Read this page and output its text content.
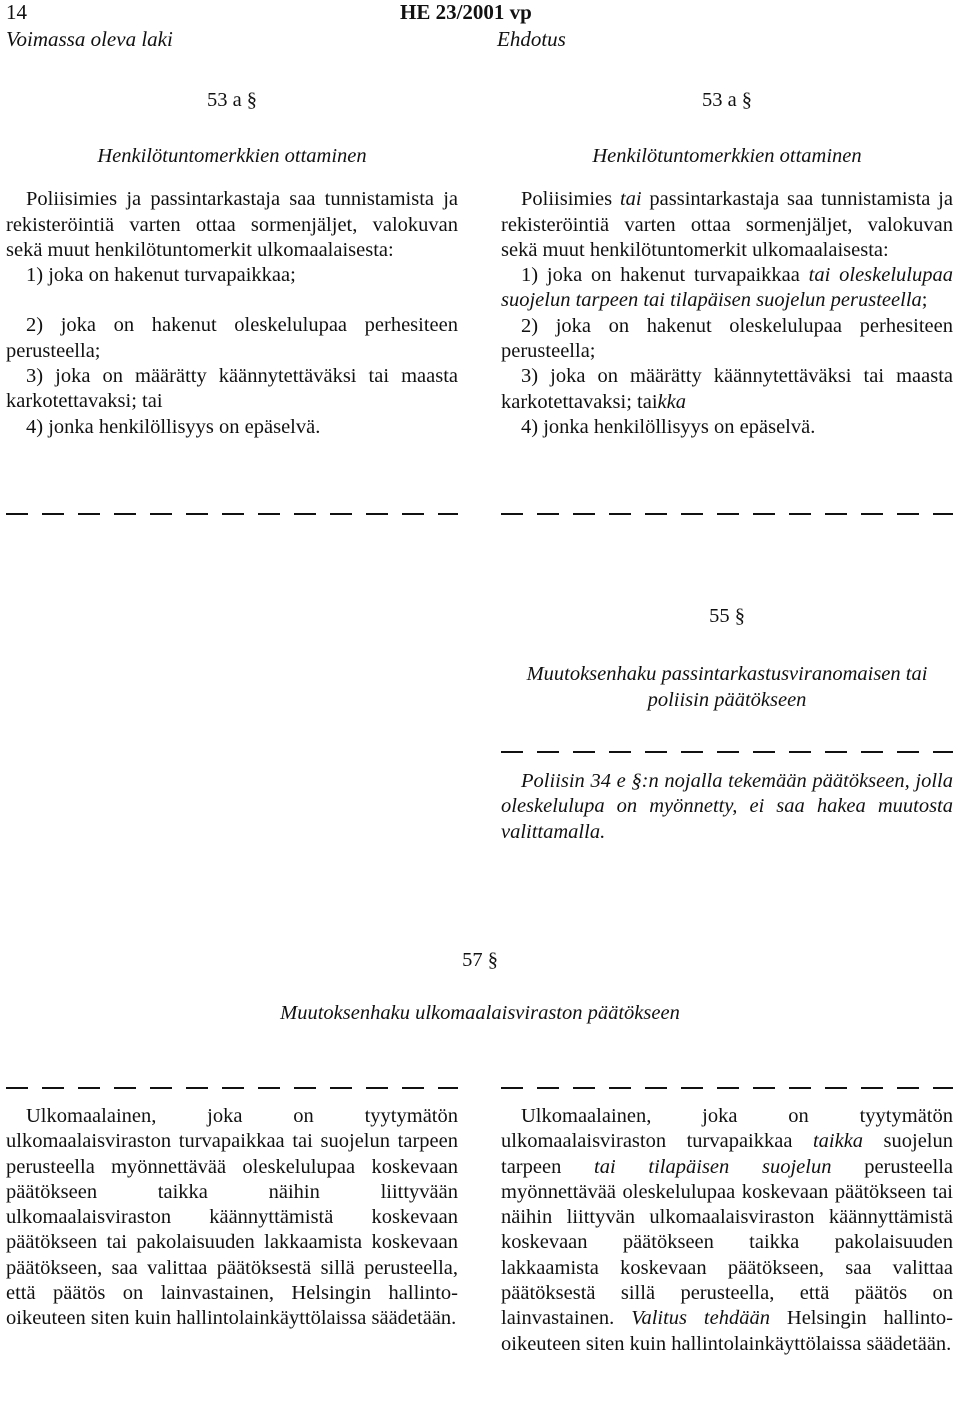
14	HE 23/2001 vp
Voimassa oleva laki	Ehdotus

53 a §

Henkilötuntomerkkien ottaminen

Poliisimies ja passintarkastaja saa tunnistamista ja rekisteröintiä varten ottaa sormenjäljet, valokuvan sekä muut henkilötuntomerkit ulkomaalaisesta:

1) joka on hakenut turvapaikkaa;

2) joka on hakenut oleskelulupaa perhesiteen perusteella;

3) joka on määrätty käännytettäväksi tai maasta karkotettavaksi; tai

4) jonka henkilöllisyys on epäselvä.

53 a §

Henkilötuntomerkkien ottaminen

Poliisimies tai passintarkastaja saa tunnistamista ja rekisteröintiä varten ottaa sormenjäljet, valokuvan sekä muut henkilötuntomerkit ulkomaalaisesta:

1) joka on hakenut turvapaikkaa tai oleskelulupaa suojelun tarpeen tai tilapäisen suojelun perusteella;

2) joka on hakenut oleskelulupaa perhesiteen perusteella;

3) joka on määrätty käännytettäväksi tai maasta karkotettavaksi; taikka

4) jonka henkilöllisyys on epäselvä.

55 §

Muutoksenhaku passintarkastusviranomaisen tai poliisin päätökseen

Poliisin 34 e §:n nojalla tekemään päätökseen, jolla oleskelulupa on myönnetty, ei saa hakea muutosta valittamalla.

57 §

Muutoksenhaku ulkomaalaisviraston päätökseen

Ulkomaalainen, joka on tyytymätön ulkomaalaisviraston turvapaikkaa tai suojelun tarpeen perusteella myönnettävää oleskelulupaa koskevaan päätökseen taikka näihin liittyvään ulkomaalaisviraston käännyttämistä koskevaan päätökseen tai pakolaisuuden lakkaamista koskevaan päätökseen, saa valittaa päätöksestä sillä perusteella, että päätös on lainvastainen, Helsingin hallinto-oikeuteen siten kuin hallintolainkäyttölaissa säädetään.

Ulkomaalainen, joka on tyytymätön ulkomaalaisviraston turvapaikkaa taikka suojelun tarpeen tai tilapäisen suojelun perusteella myönnettävää oleskelulupaa koskevaan päätökseen tai näihin liittyvän ulkomaalaisviraston käännyttämistä koskevaan päätökseen taikka pakolaisuuden lakkaamista koskevaan päätökseen, saa valittaa päätöksestä sillä perusteella, että päätös on lainvastainen. Valitus tehdään Helsingin hallinto-oikeuteen siten kuin hallintolainkäyttölaissa säädetään.
